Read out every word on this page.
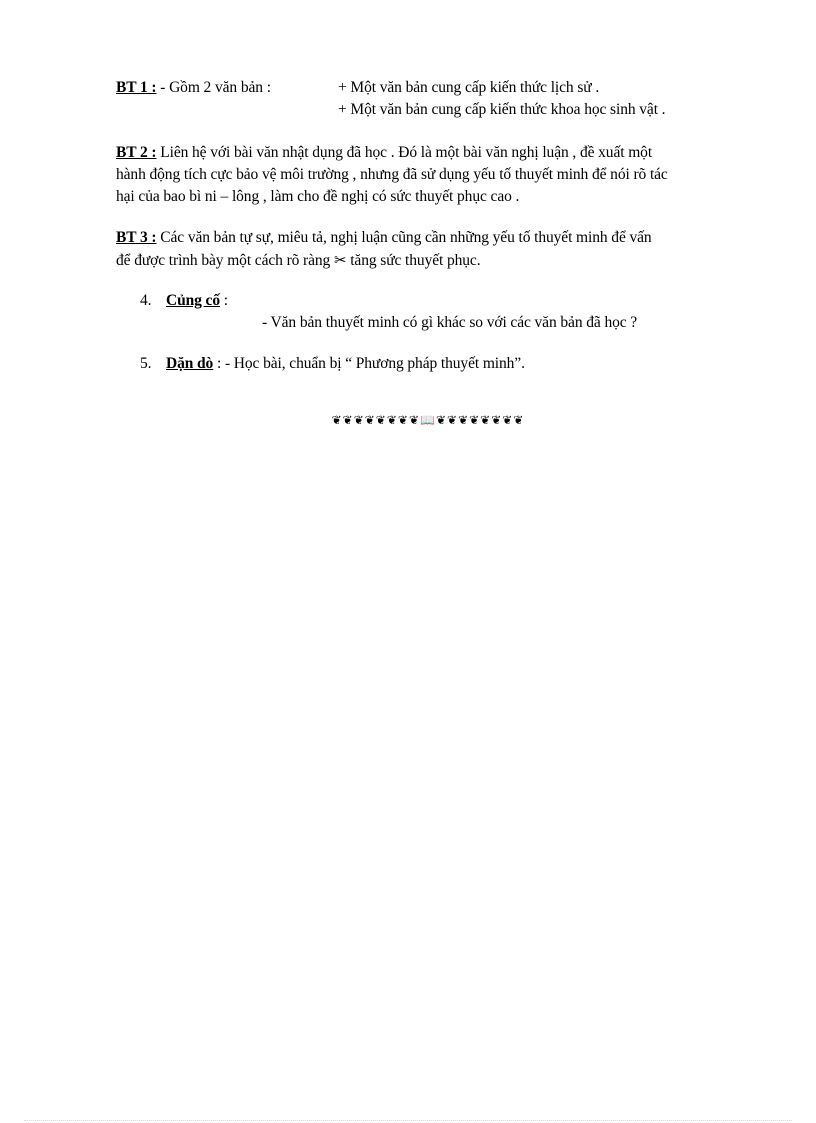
BT 1 : - Gồm 2 văn bản :	+ Một văn bản cung cấp kiến thức lịch sử .
+ Một văn bản cung cấp kiến thức khoa học sinh vật .
BT 2 : Liên hệ với bài văn nhật dụng đã học . Đó là một bài văn nghị luận , đề xuất một
hành động tích cực bảo vệ môi trường , nhưng đã sử dụng yếu tố thuyết minh để nói rõ tác
hại của bao bì ni – lông , làm cho đề nghị có sức thuyết phục cao .
BT 3 : Các văn bản tự sự, miêu tả, nghị luận cũng cần những yếu tố thuyết minh để vấn
để được trình bày một cách rõ ràng ✂ tăng sức thuyết phục.
4. Củng cố :
- Văn bản thuyết minh có gì khác so với các văn bản đã học ?
5. Dặn dò : - Học bài, chuẩn bị “ Phương pháp thuyết minh”.
❦❦❦❦❦❦❦❦📖❦❦❦❦❦❦❦❦
